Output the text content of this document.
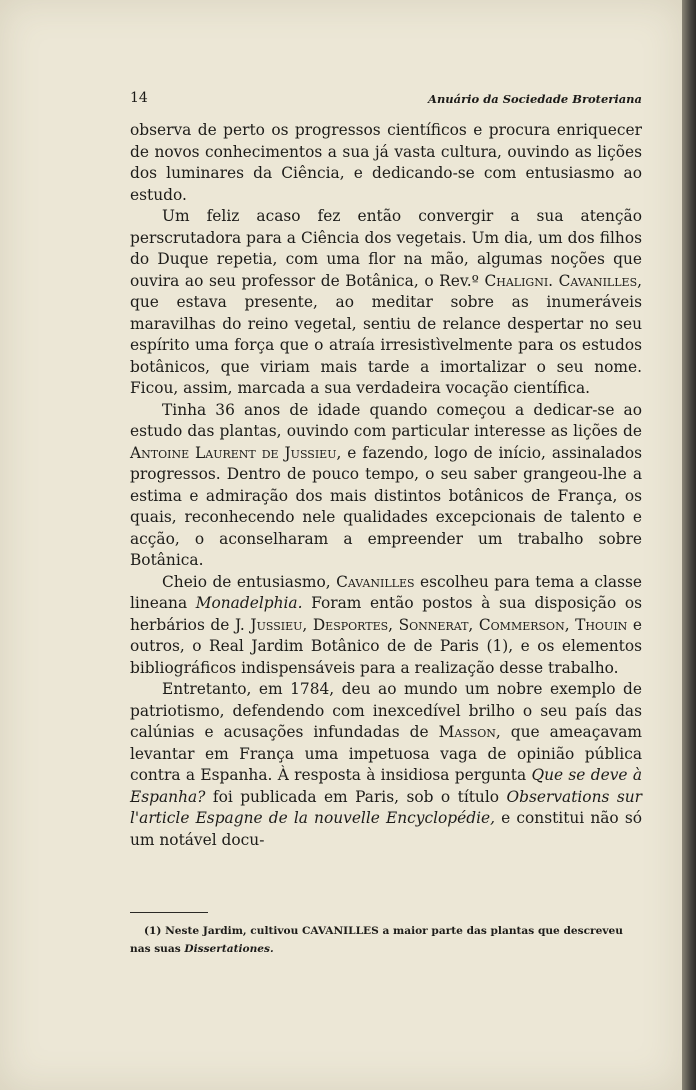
14	Anuário da Sociedade Broteriana

observa de perto os progressos científicos e procura enriquecer de novos conhecimentos a sua já vasta cultura, ouvindo as lições dos luminares da Ciência, e dedicando-se com entusiasmo ao estudo.

Um feliz acaso fez então convergir a sua atenção perscrutadora para a Ciência dos vegetais. Um dia, um dos filhos do Duque repetia, com uma flor na mão, algumas noções que ouvira ao seu professor de Botânica, o Rev.º Chaligni. Cavanilles, que estava presente, ao meditar sobre as inumeráveis maravilhas do reino vegetal, sentiu de relance despertar no seu espírito uma força que o atraía irresistìvelmente para os estudos botânicos, que viriam mais tarde a imortalizar o seu nome. Ficou, assim, marcada a sua verdadeira vocação científica.

Tinha 36 anos de idade quando começou a dedicar-se ao estudo das plantas, ouvindo com particular interesse as lições de Antoine Laurent de Jussieu, e fazendo, logo de início, assinalados progressos. Dentro de pouco tempo, o seu saber grangeou-lhe a estima e admiração dos mais distintos botânicos de França, os quais, reconhecendo nele qualidades excepcionais de talento e acção, o aconselharam a empreender um trabalho sobre Botânica.

Cheio de entusiasmo, Cavanilles escolheu para tema a classe lineana Monadelphia. Foram então postos à sua disposição os herbários de J. Jussieu, Desportes, Sonnerat, Commerson, Thouin e outros, o Real Jardim Botânico de de Paris (1), e os elementos bibliográficos indispensáveis para a realização desse trabalho.

Entretanto, em 1784, deu ao mundo um nobre exemplo de patriotismo, defendendo com inexcedível brilho o seu país das calúnias e acusações infundadas de Masson, que ameaçavam levantar em França uma impetuosa vaga de opinião pública contra a Espanha. À resposta à insidiosa pergunta Que se deve à Espanha? foi publicada em Paris, sob o título Observations sur l'article Espagne de la nouvelle Encyclopédie, e constitui não só um notável docu-

(1) Neste Jardim, cultivou CAVANILLES a maior parte das plantas que descreveu nas suas Dissertationes.
